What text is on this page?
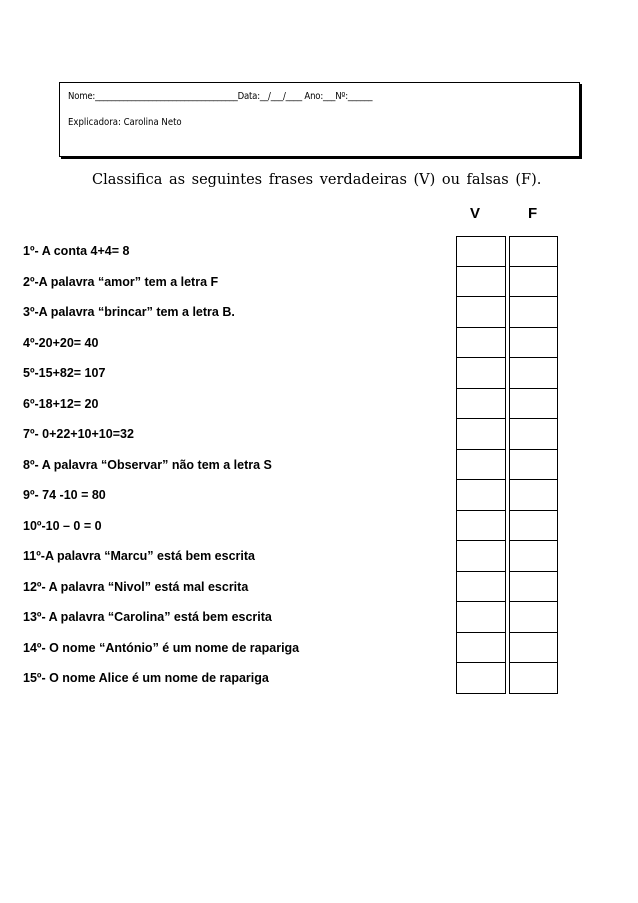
Nome:___________________________________Data:__/___/____ Ano:___Nº:______
Explicadora: Carolina Neto
Classifica as seguintes frases verdadeiras (V) ou falsas (F).
V	F
1º- A conta 4+4= 8
2º-A palavra “amor” tem a letra F
3º-A palavra “brincar” tem a letra B.
4º-20+20= 40
5º-15+82= 107
6º-18+12= 20
7º- 0+22+10+10=32
8º- A palavra “Observar” não tem a letra S
9º- 74 -10 = 80
10º-10 – 0 = 0
11º-A palavra “Marcu” está bem escrita
12º- A palavra “Nivol” está mal escrita
13º- A palavra “Carolina” está bem escrita
14º- O nome “António” é um nome de rapariga
15º- O nome Alice é um nome de rapariga
